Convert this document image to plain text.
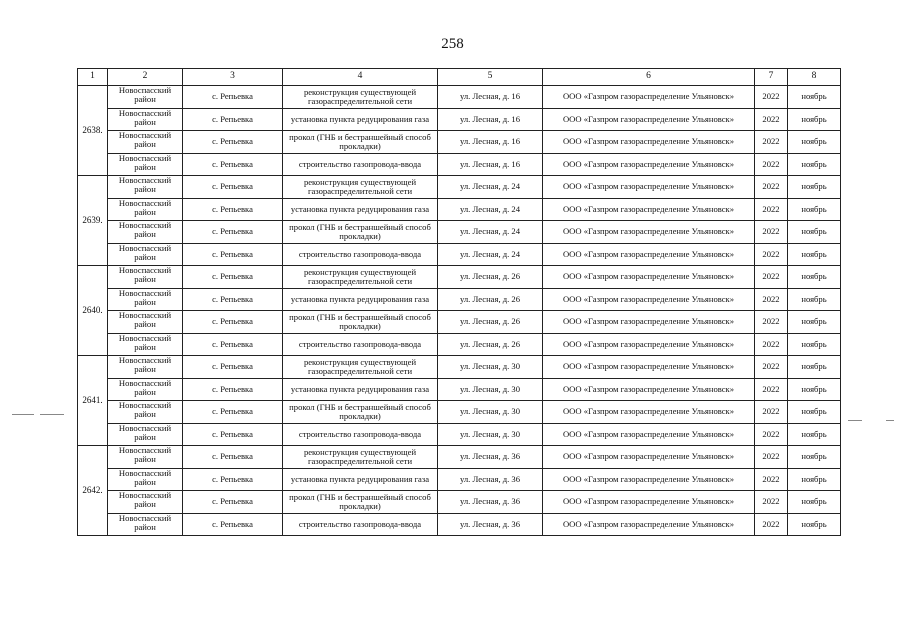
258
1	2	3	4	5	6	7	8
2638.	Новоспасский район	с. Репьевка	реконструкция существующей газораспределительной сети	ул. Лесная, д. 16	ООО «Газпром газораспределение Ульяновск»	2022	ноябрь
	Новоспасский район	с. Репьевка	установка пункта редуцирования газа	ул. Лесная, д. 16	ООО «Газпром газораспределение Ульяновск»	2022	ноябрь
	Новоспасский район	с. Репьевка	прокол (ГНБ и бестраншейный способ прокладки)	ул. Лесная, д. 16	ООО «Газпром газораспределение Ульяновск»	2022	ноябрь
	Новоспасский район	с. Репьевка	строительство газопровода-ввода	ул. Лесная, д. 16	ООО «Газпром газораспределение Ульяновск»	2022	ноябрь
2639.	Новоспасский район	с. Репьевка	реконструкция существующей газораспределительной сети	ул. Лесная, д. 24	ООО «Газпром газораспределение Ульяновск»	2022	ноябрь
	Новоспасский район	с. Репьевка	установка пункта редуцирования газа	ул. Лесная, д. 24	ООО «Газпром газораспределение Ульяновск»	2022	ноябрь
	Новоспасский район	с. Репьевка	прокол (ГНБ и бестраншейный способ прокладки)	ул. Лесная, д. 24	ООО «Газпром газораспределение Ульяновск»	2022	ноябрь
	Новоспасский район	с. Репьевка	строительство газопровода-ввода	ул. Лесная, д. 24	ООО «Газпром газораспределение Ульяновск»	2022	ноябрь
2640.	Новоспасский район	с. Репьевка	реконструкция существующей газораспределительной сети	ул. Лесная, д. 26	ООО «Газпром газораспределение Ульяновск»	2022	ноябрь
	Новоспасский район	с. Репьевка	установка пункта редуцирования газа	ул. Лесная, д. 26	ООО «Газпром газораспределение Ульяновск»	2022	ноябрь
	Новоспасский район	с. Репьевка	прокол (ГНБ и бестраншейный способ прокладки)	ул. Лесная, д. 26	ООО «Газпром газораспределение Ульяновск»	2022	ноябрь
	Новоспасский район	с. Репьевка	строительство газопровода-ввода	ул. Лесная, д. 26	ООО «Газпром газораспределение Ульяновск»	2022	ноябрь
2641.	Новоспасский район	с. Репьевка	реконструкция существующей газораспределительной сети	ул. Лесная, д. 30	ООО «Газпром газораспределение Ульяновск»	2022	ноябрь
	Новоспасский район	с. Репьевка	установка пункта редуцирования газа	ул. Лесная, д. 30	ООО «Газпром газораспределение Ульяновск»	2022	ноябрь
	Новоспасский район	с. Репьевка	прокол (ГНБ и бестраншейный способ прокладки)	ул. Лесная, д. 30	ООО «Газпром газораспределение Ульяновск»	2022	ноябрь
	Новоспасский район	с. Репьевка	строительство газопровода-ввода	ул. Лесная, д. 30	ООО «Газпром газораспределение Ульяновск»	2022	ноябрь
2642.	Новоспасский район	с. Репьевка	реконструкция существующей газораспределительной сети	ул. Лесная, д. 36	ООО «Газпром газораспределение Ульяновск»	2022	ноябрь
	Новоспасский район	с. Репьевка	установка пункта редуцирования газа	ул. Лесная, д. 36	ООО «Газпром газораспределение Ульяновск»	2022	ноябрь
	Новоспасский район	с. Репьевка	прокол (ГНБ и бестраншейный способ прокладки)	ул. Лесная, д. 36	ООО «Газпром газораспределение Ульяновск»	2022	ноябрь
	Новоспасский район	с. Репьевка	строительство газопровода-ввода	ул. Лесная, д. 36	ООО «Газпром газораспределение Ульяновск»	2022	ноябрь
